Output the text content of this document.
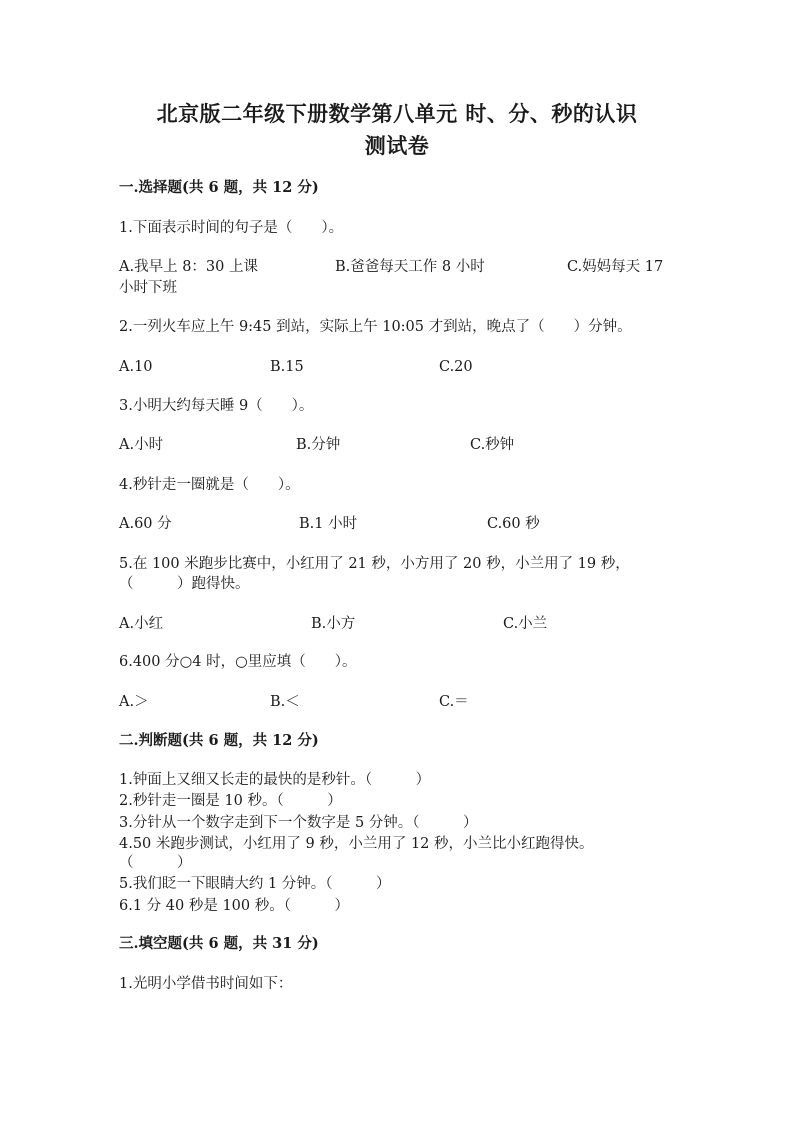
北京版二年级下册数学第八单元 时、分、秒的认识
测试卷
一.选择题(共 6 题，共 12 分)
1.下面表示时间的句子是（　　）。
A.我早上 8：30 上课	B.爸爸每天工作 8 小时	C.妈妈每天 17
小时下班
2.一列火车应上午 9:45 到站，实际上午 10:05 才到站，晚点了（　　）分钟。
A.10	B.15	C.20
3.小明大约每天睡 9（　　）。
A.小时	B.分钟	C.秒钟
4.秒针走一圈就是（　　）。
A.60 分	B.1 小时	C.60 秒
5.在 100 米跑步比赛中，小红用了 21 秒，小方用了 20 秒，小兰用了 19 秒，
（　　　）跑得快。
A.小红	B.小方	C.小兰
6.400 分○4 时，○里应填（　　）。
A.＞	B.＜	C.＝
二.判断题(共 6 题，共 12 分)
1.钟面上又细又长走的最快的是秒针。（　　　）
2.秒针走一圈是 10 秒。（　　　）
3.分针从一个数字走到下一个数字是 5 分钟。（　　　）
4.50 米跑步测试，小红用了 9 秒，小兰用了 12 秒，小兰比小红跑得快。
（　　　）
5.我们眨一下眼睛大约 1 分钟。（　　　）
6.1 分 40 秒是 100 秒。（　　　）
三.填空题(共 6 题，共 31 分)
1.光明小学借书时间如下：
